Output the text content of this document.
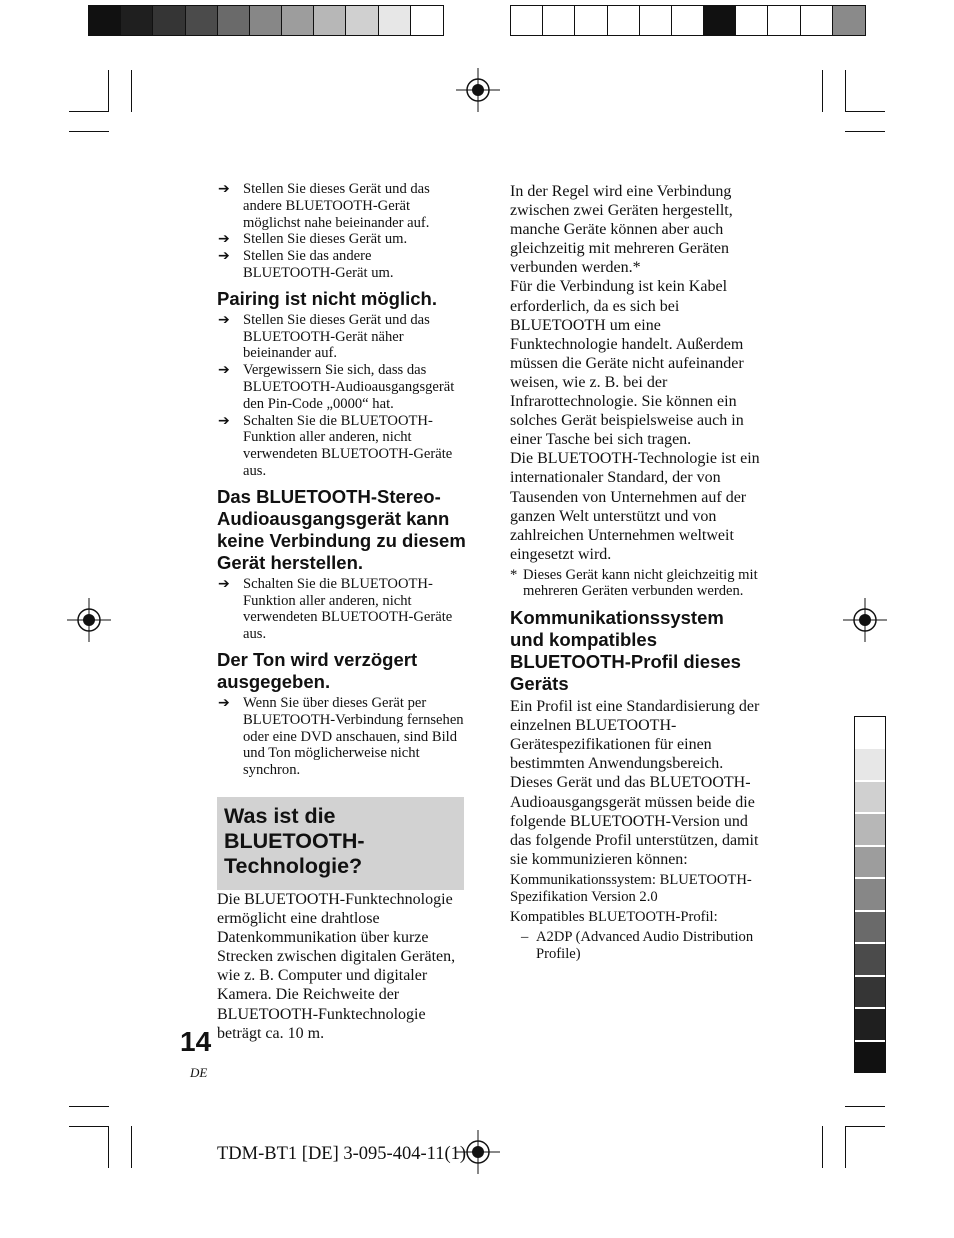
➔ Stellen Sie dieses Gerät und das andere BLUETOOTH-Gerät möglichst nahe beieinander auf.

➔ Stellen Sie dieses Gerät um.

➔ Stellen Sie das andere BLUETOOTH-Gerät um.

Pairing ist nicht möglich.

➔ Stellen Sie dieses Gerät und das BLUETOOTH-Gerät näher beieinander auf.

➔ Vergewissern Sie sich, dass das BLUETOOTH-Audioausgangsgerät den Pin-Code „0000“ hat.

➔ Schalten Sie die BLUETOOTH-Funktion aller anderen, nicht verwendeten BLUETOOTH-Geräte aus.

Das BLUETOOTH-Stereo-Audioausgangsgerät kann keine Verbindung zu diesem Gerät herstellen.

➔ Schalten Sie die BLUETOOTH-Funktion aller anderen, nicht verwendeten BLUETOOTH-Geräte aus.

Der Ton wird verzögert ausgegeben.

➔ Wenn Sie über dieses Gerät per BLUETOOTH-Verbindung fernsehen oder eine DVD anschauen, sind Bild und Ton möglicherweise nicht synchron.

Was ist die BLUETOOTH-Technologie?

Die BLUETOOTH-Funktechnologie ermöglicht eine drahtlose Datenkommunikation über kurze Strecken zwischen digitalen Geräten, wie z. B. Computer und digitaler Kamera. Die Reichweite der BLUETOOTH-Funktechnologie beträgt ca. 10 m.

In der Regel wird eine Verbindung zwischen zwei Geräten hergestellt, manche Geräte können aber auch gleichzeitig mit mehreren Geräten verbunden werden.*

Für die Verbindung ist kein Kabel erforderlich, da es sich bei BLUETOOTH um eine Funktechnologie handelt. Außerdem müssen die Geräte nicht aufeinander weisen, wie z. B. bei der Infrarottechnologie. Sie können ein solches Gerät beispielsweise auch in einer Tasche bei sich tragen.

Die BLUETOOTH-Technologie ist ein internationaler Standard, der von Tausenden von Unternehmen auf der ganzen Welt unterstützt und von zahlreichen Unternehmen weltweit eingesetzt wird.

* Dieses Gerät kann nicht gleichzeitig mit mehreren Geräten verbunden werden.
Kommunikationssystem und kompatibles BLUETOOTH-Profil dieses Geräts

Ein Profil ist eine Standardisierung der einzelnen BLUETOOTH-Gerätespezifikationen für einen bestimmten Anwendungsbereich. Dieses Gerät und das BLUETOOTH-Audioausgangsgerät müssen beide die folgende BLUETOOTH-Version und das folgende Profil unterstützen, damit sie kommunizieren können:

Kommunikationssystem: BLUETOOTH-Spezifikation Version 2.0

Kompatibles BLUETOOTH-Profil:

– A2DP (Advanced Audio Distribution Profile)
14
DE
TDM-BT1 [DE] 3-095-404-11(1)
